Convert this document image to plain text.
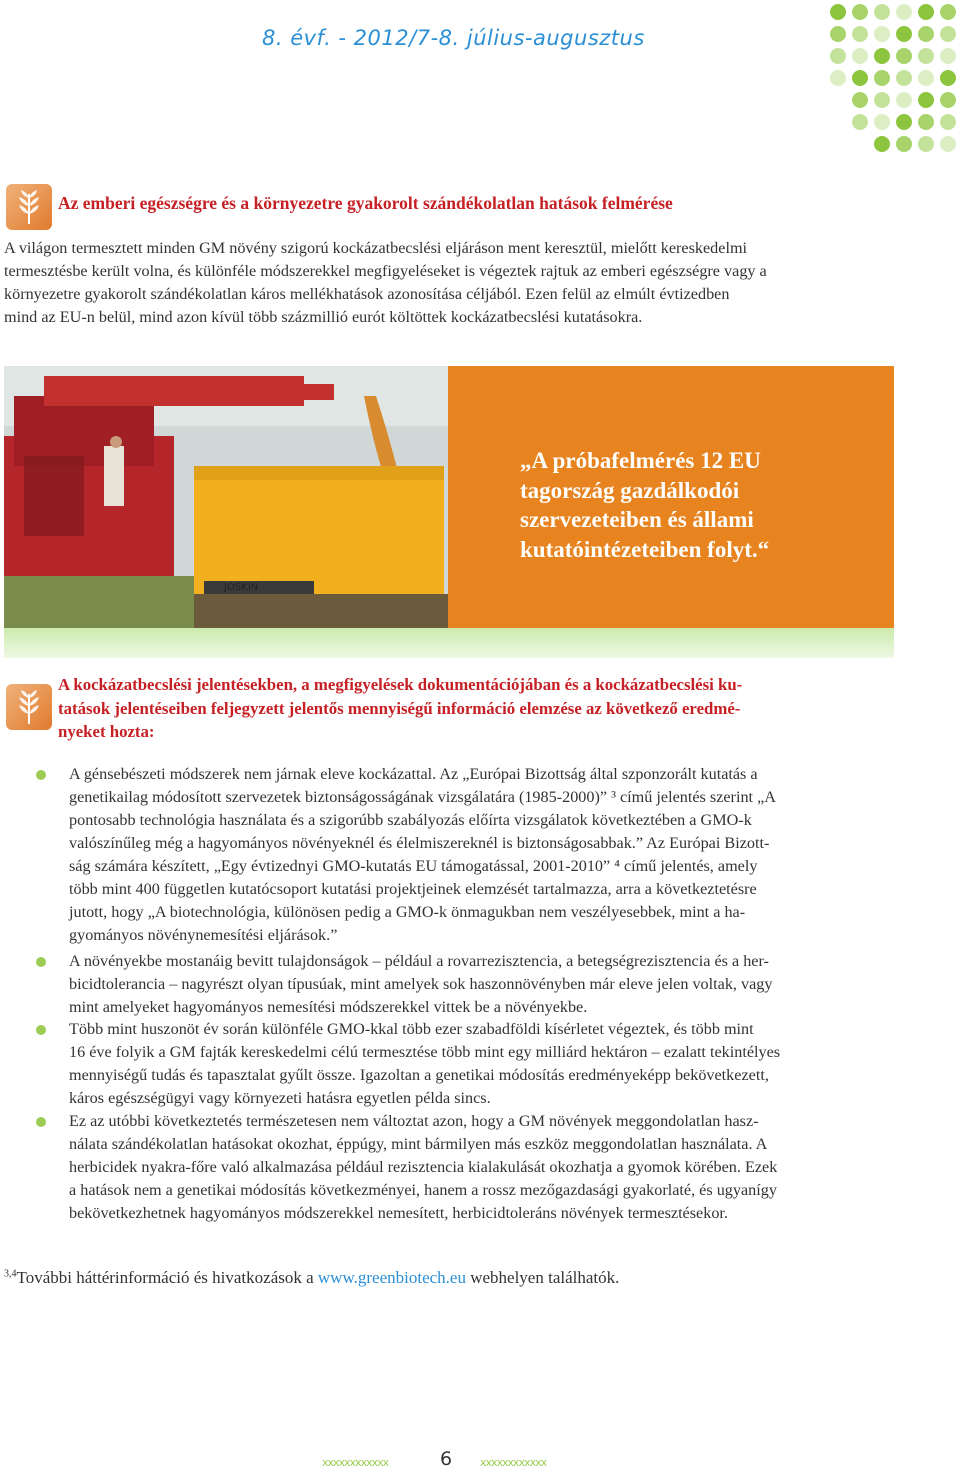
8. évf. - 2012/7-8. július-augusztus
Az emberi egészségre és a környezetre gyakorolt szándékolatlan hatások felmérése
A világon termesztett minden GM növény szigorú kockázatbecslési eljáráson ment keresztül, mielőtt kereskedelmi
termesztésbe került volna, és különféle módszerekkel megfigyeléseket is végeztek rajtuk az emberi egészségre vagy a
környezetre gyakorolt szándékolatlan káros mellékhatások azonosítása céljából. Ezen felül az elmúlt évtizedben
mind az EU-n belül, mind azon kívül több százmillió eurót költöttek kockázatbecslési kutatásokra.
JOSKIN
„A próbafelmérés 12 EU
tagország gazdálkodói
szervezeteiben és állami
kutatóintézeteiben folyt.“
A kockázatbecslési jelentésekben, a megfigyelések dokumentációjában és a kockázatbecslési ku-
tatások jelentéseiben feljegyzett jelentős mennyiségű információ elemzése az következő eredmé-
nyeket hozta:
A génsebészeti módszerek nem járnak eleve kockázattal. Az „Európai Bizottság által szponzorált kutatás a
genetikailag módosított szervezetek biztonságosságának vizsgálatára (1985-2000)” ³ című jelentés szerint „A
pontosabb technológia használata és a szigorúbb szabályozás előírta vizsgálatok következtében a GMO-k
valószínűleg még a hagyományos növényeknél és élelmiszereknél is biztonságosabbak.” Az Európai Bizott-
ság számára készített, „Egy évtizednyi GMO-kutatás EU támogatással, 2001-2010” ⁴ című jelentés, amely
több mint 400 független kutatócsoport kutatási projektjeinek elemzését tartalmazza, arra a következtetésre
jutott, hogy „A biotechnológia, különösen pedig a GMO-k önmagukban nem veszélyesebbek, mint a ha-
gyományos növénynemesítési eljárások.”
A növényekbe mostanáig bevitt tulajdonságok – például a rovarrezisztencia, a betegségrezisztencia és a her-
bicidtolerancia – nagyrészt olyan típusúak, mint amelyek sok haszonnövényben már eleve jelen voltak, vagy
mint amelyeket hagyományos nemesítési módszerekkel vittek be a növényekbe.
Több mint huszonöt év során különféle GMO-kkal több ezer szabadföldi kísérletet végeztek, és több mint
16 éve folyik a GM fajták kereskedelmi célú termesztése több mint egy milliárd hektáron – ezalatt tekintélyes
mennyiségű tudás és tapasztalat gyűlt össze. Igazoltan a genetikai módosítás eredményeképp bekövetkezett,
káros egészségügyi vagy környezeti hatásra egyetlen példa sincs.
Ez az utóbbi következtetés természetesen nem változtat azon, hogy a GM növények meggondolatlan hasz-
nálata szándékolatlan hatásokat okozhat, éppúgy, mint bármilyen más eszköz meggondolatlan használata. A
herbicidek nyakra-főre való alkalmazása például rezisztencia kialakulását okozhatja a gyomok körében. Ezek
a hatások nem a genetikai módosítás következményei, hanem a rossz mezőgazdasági gyakorlaté, és ugyanígy
bekövetkezhetnek hagyományos módszerekkel nemesített, herbicidtoleráns növények termesztésekor.
$^{3,4}$További háttérinformáció és hivatkozások a www.greenbiotech.eu webhelyen találhatók.
xxxxxxxxxxxx	6	xxxxxxxxxxxx
